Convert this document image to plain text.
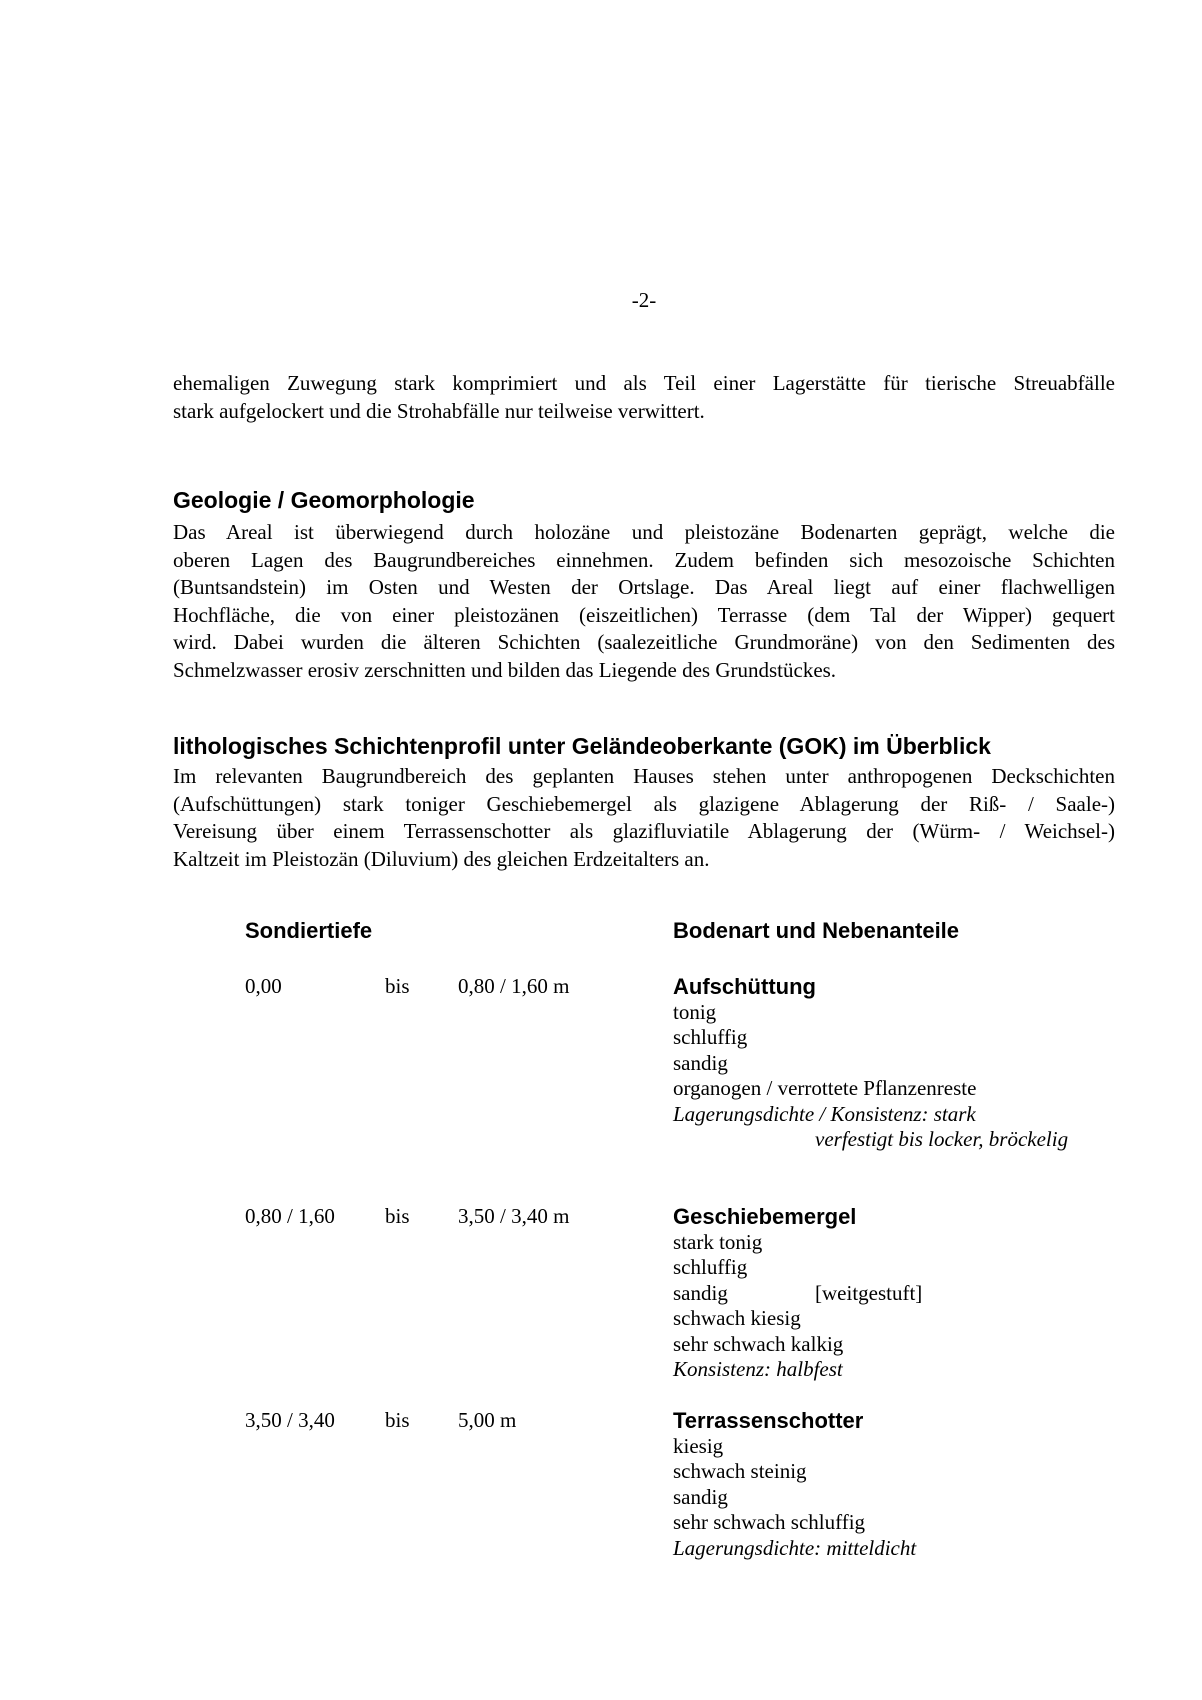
-2-
ehemaligen Zuwegung stark komprimiert und als Teil einer Lagerstätte für tierische Streuabfälle
stark aufgelockert und die Strohabfälle nur teilweise verwittert.
Geologie / Geomorphologie
Das Areal ist überwiegend durch holozäne und pleistozäne Bodenarten geprägt, welche die
oberen Lagen des Baugrundbereiches einnehmen. Zudem befinden sich mesozoische Schichten
(Buntsandstein) im Osten und Westen der Ortslage. Das Areal liegt auf einer flachwelligen
Hochfläche, die von einer pleistozänen (eiszeitlichen) Terrasse (dem Tal der Wipper) gequert
wird. Dabei wurden die älteren Schichten (saalezeitliche Grundmoräne) von den Sedimenten des
Schmelzwasser erosiv zerschnitten und bilden das Liegende des Grundstückes.
lithologisches Schichtenprofil unter Geländeoberkante (GOK) im Überblick
Im relevanten Baugrundbereich des geplanten Hauses stehen unter anthropogenen Deckschichten
(Aufschüttungen) stark toniger Geschiebemergel als glazigene Ablagerung der Riß- / Saale-)
Vereisung über einem Terrassenschotter als glazifluviatile Ablagerung der (Würm- / Weichsel-)
Kaltzeit im Pleistozän (Diluvium) des gleichen Erdzeitalters an.
Sondiertiefe	Bodenart und Nebenanteile
0,00	bis 0,80 / 1,60 m	Aufschüttung
tonig
schluffig
sandig
organogen / verrottete Pflanzenreste
Lagerungsdichte / Konsistenz: stark
verfestigt bis locker, bröckelig
0,80 / 1,60 bis 3,50 / 3,40 m	Geschiebemergel
stark tonig
schluffig
sandig	[weitgestuft]
schwach kiesig
sehr schwach kalkig
Konsistenz: halbfest
3,50 / 3,40 bis 5,00 m	Terrassenschotter
kiesig
schwach steinig
sandig
sehr schwach schluffig
Lagerungsdichte: mitteldicht
